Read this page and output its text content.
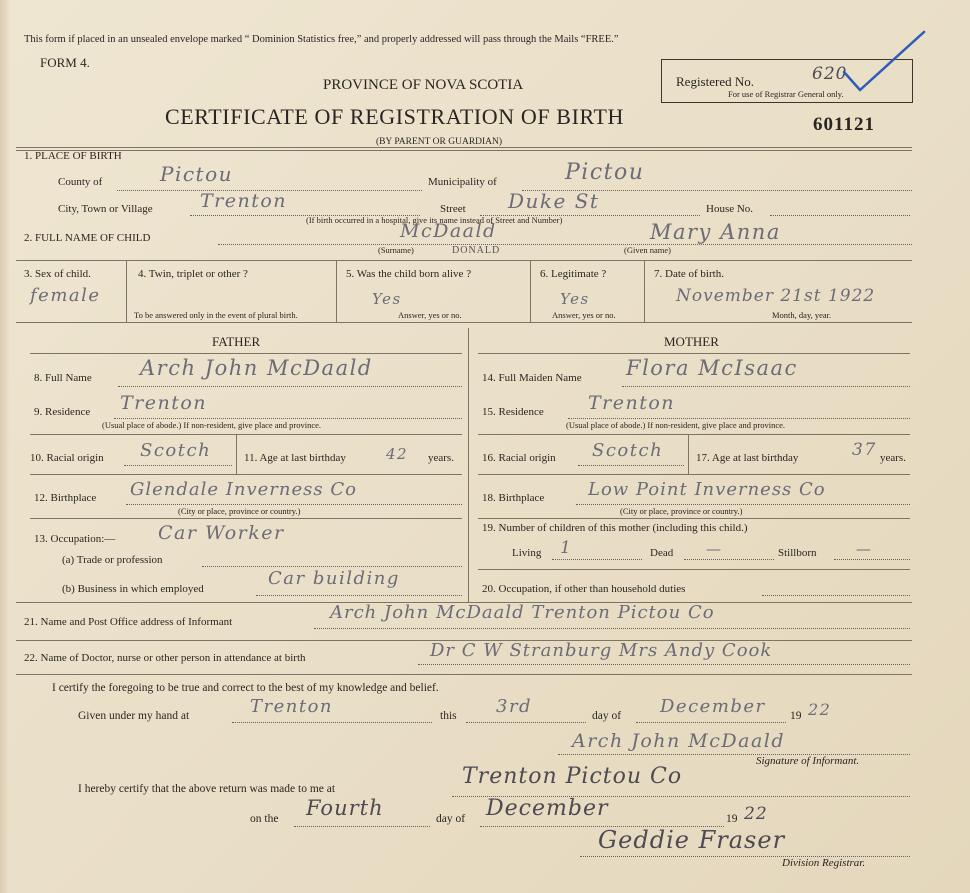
This form if placed in an unsealed envelope marked “ Dominion Statistics free,” and properly addressed will pass through the Mails “FREE.”
FORM 4.
PROVINCE OF NOVA SCOTIA
CERTIFICATE OF REGISTRATION OF BIRTH
(BY PARENT OR GUARDIAN)
601121
Registered No.	620
For use of Registrar General only.
1. PLACE OF BIRTH
County of	Pictou	Municipality of	Pictou
City, Town or Village Trenton	Street Duke St	House No.
(If birth occurred in a hospital, give its name instead of Street and Number)
2. FULL NAME OF CHILD	McDaald
DONALD
Mary Anna
(Surname)	(Given name)
3. Sex of child.
female
4. Twin, triplet or other ?
To be answered only in the event of plural birth.
5. Was the child born alive ?
Yes
Answer, yes or no.
6. Legitimate ?
Yes
Answer, yes or no.
7. Date of birth.
November 21st 1922
Month, day, year.
FATHER	MOTHER
8. Full Name Arch John McDaald
9. Residence Trenton
(Usual place of abode.) If non-resident, give place and province.
10. Racial origin Scotch	11. Age at last birthday	42 years.
12. Birthplace Glendale Inverness Co
(City or place, province or country.)
13. Occupation:— Car Worker
(a) Trade or profession
(b) Business in which employed	Car building
14. Full Maiden Name Flora McIsaac
15. Residence Trenton
(Usual place of abode.) If non-resident, give place and province.
16. Racial origin Scotch	17. Age at last birthday	37 years.
18. Birthplace Low Point Inverness Co
(City or place, province or country.)
19. Number of children of this mother (including this child.)
Living 1	Dead —	Stillborn	—
20. Occupation, if other than household duties
21. Name and Post Office address of Informant	Arch John McDaald Trenton Pictou Co
22. Name of Doctor, nurse or other person in attendance at birth	Dr C W Stranburg Mrs Andy Cook
I certify the foregoing to be true and correct to the best of my knowledge and belief.
Given under my hand at	Trenton	this 3rd	day of December 19 22
Arch John McDaald
Signature of Informant.
I hereby certify that the above return was made to me at	Trenton Pictou Co
on the Fourth	day of December	19 22
Geddie Fraser
Division Registrar.
